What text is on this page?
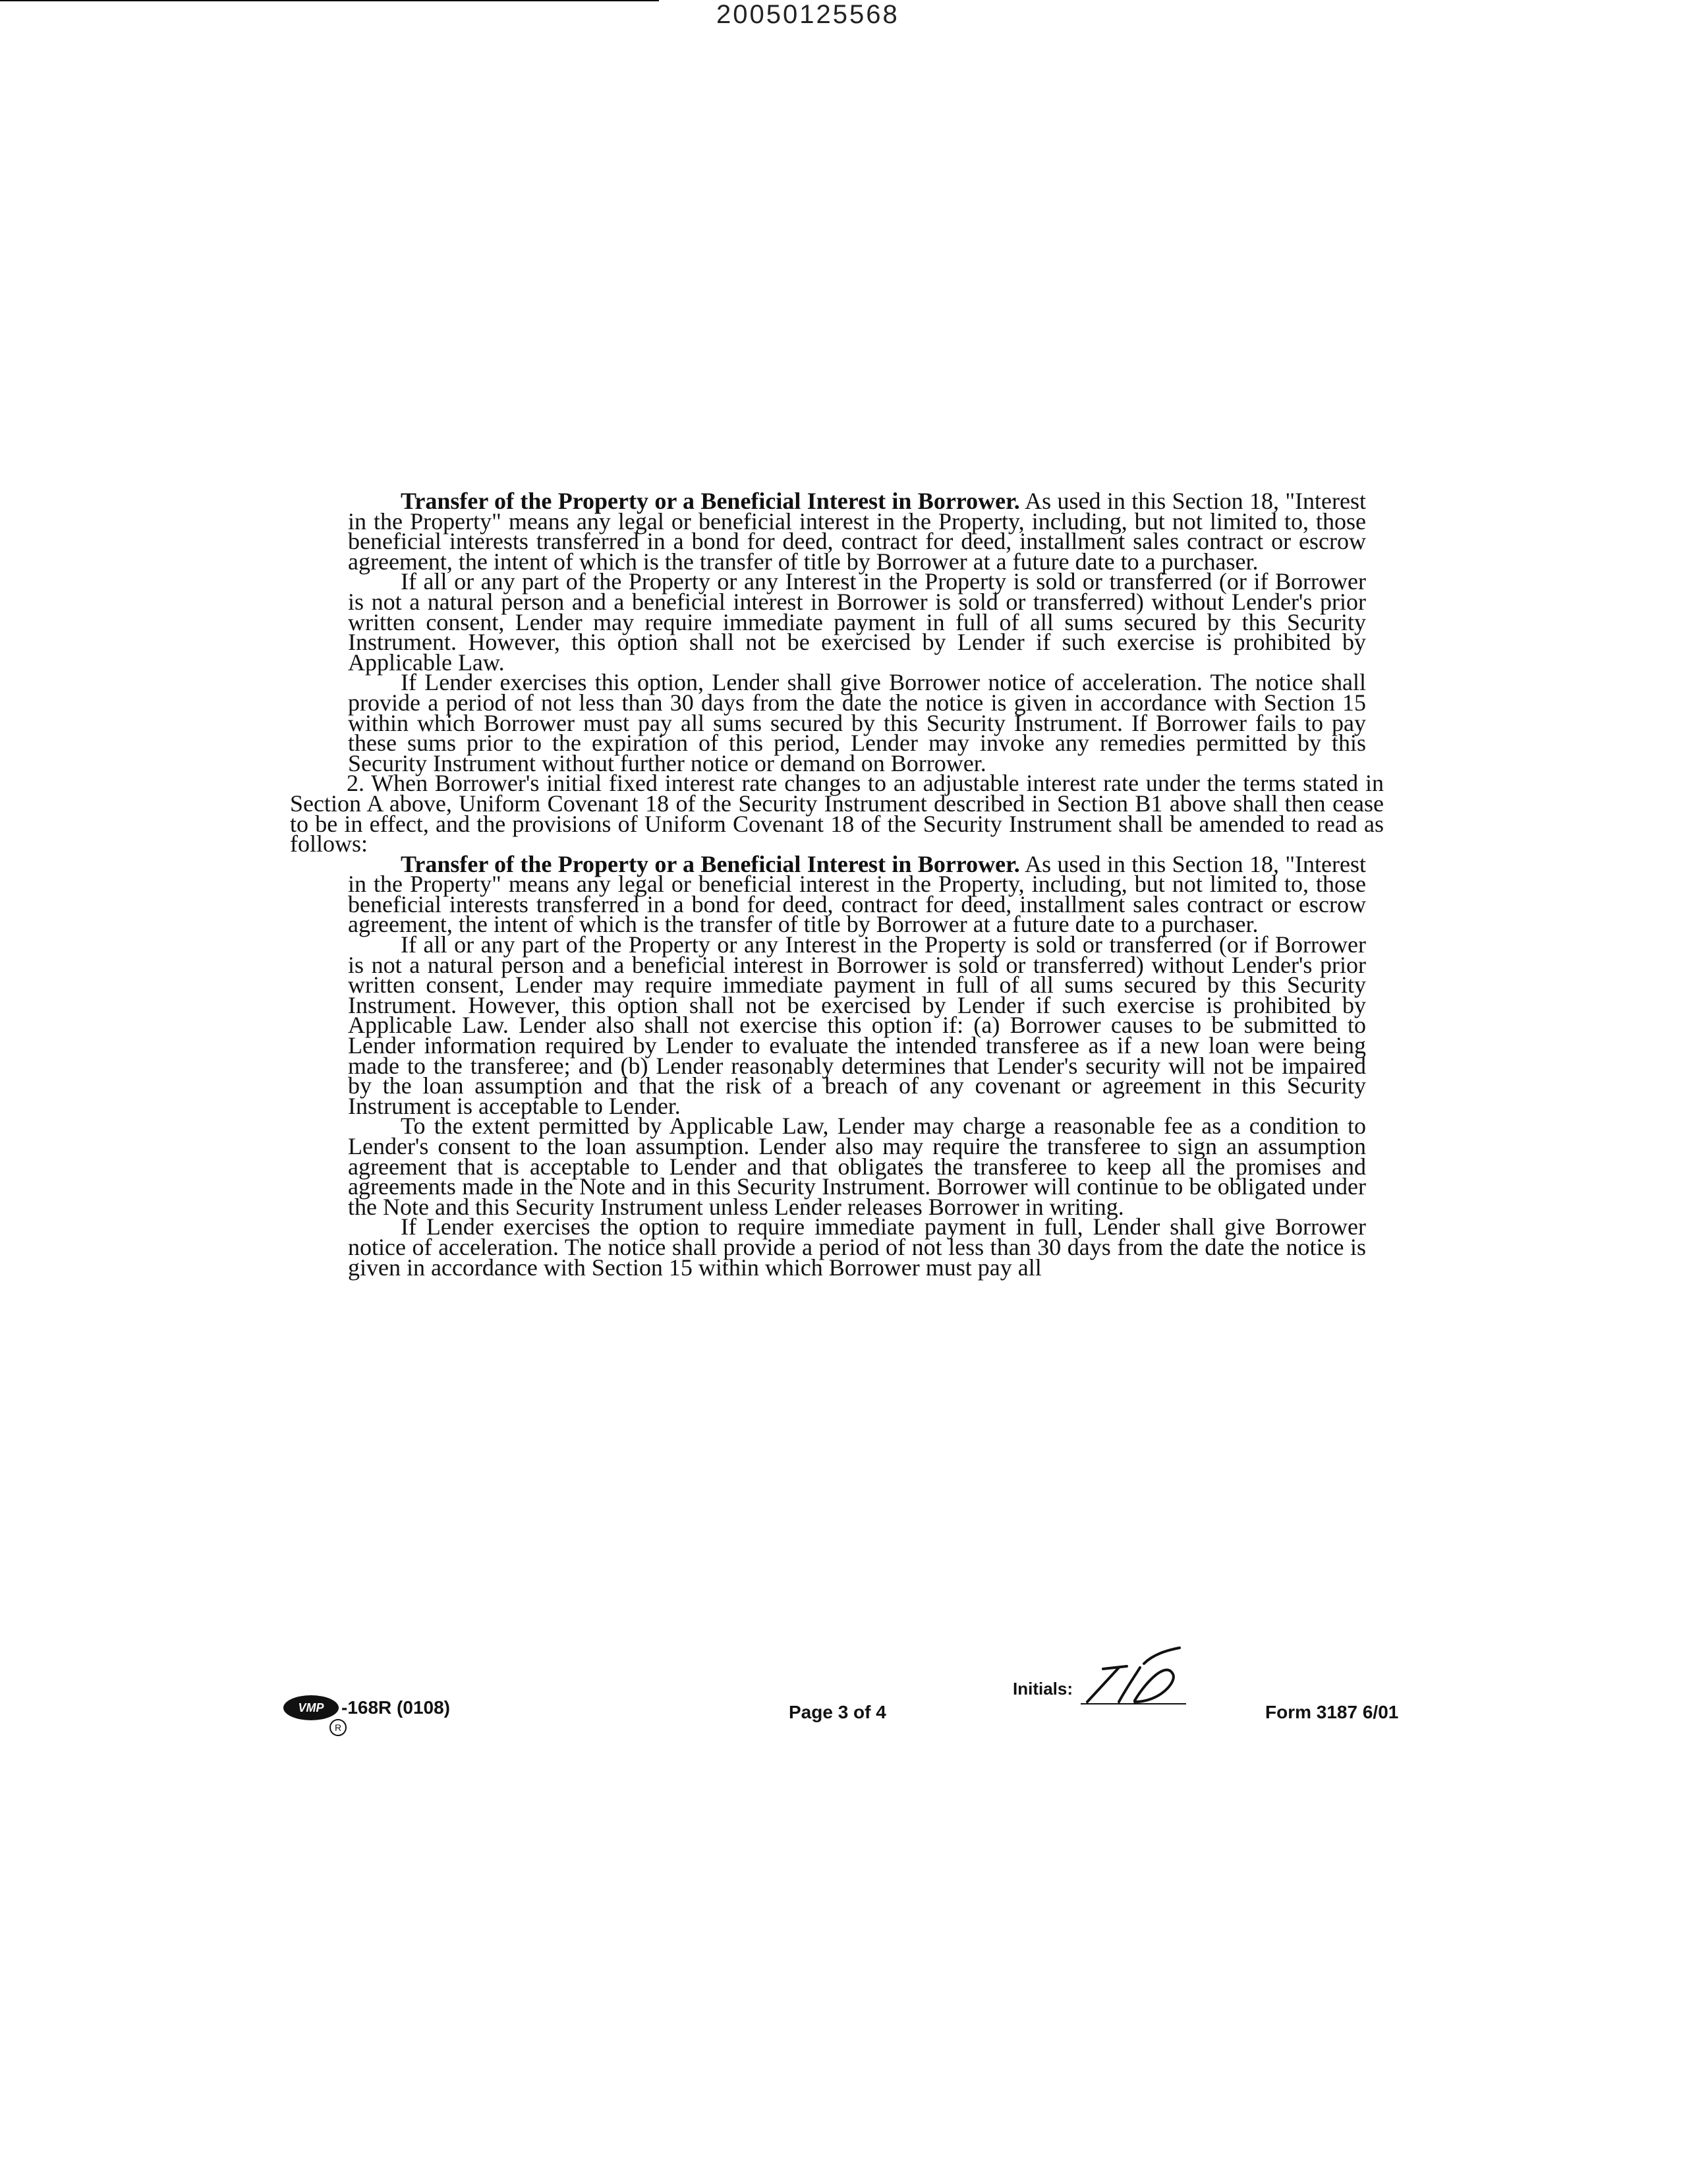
20050125568

Transfer of the Property or a Beneficial Interest in Borrower. As used in this Section 18, "Interest in the Property" means any legal or beneficial interest in the Property, including, but not limited to, those beneficial interests transferred in a bond for deed, contract for deed, installment sales contract or escrow agreement, the intent of which is the transfer of title by Borrower at a future date to a purchaser.

If all or any part of the Property or any Interest in the Property is sold or transferred (or if Borrower is not a natural person and a beneficial interest in Borrower is sold or transferred) without Lender's prior written consent, Lender may require immediate payment in full of all sums secured by this Security Instrument. However, this option shall not be exercised by Lender if such exercise is prohibited by Applicable Law.

If Lender exercises this option, Lender shall give Borrower notice of acceleration. The notice shall provide a period of not less than 30 days from the date the notice is given in accordance with Section 15 within which Borrower must pay all sums secured by this Security Instrument. If Borrower fails to pay these sums prior to the expiration of this period, Lender may invoke any remedies permitted by this Security Instrument without further notice or demand on Borrower.

2. When Borrower's initial fixed interest rate changes to an adjustable interest rate under the terms stated in Section A above, Uniform Covenant 18 of the Security Instrument described in Section B1 above shall then cease to be in effect, and the provisions of Uniform Covenant 18 of the Security Instrument shall be amended to read as follows:

Transfer of the Property or a Beneficial Interest in Borrower. As used in this Section 18, "Interest in the Property" means any legal or beneficial interest in the Property, including, but not limited to, those beneficial interests transferred in a bond for deed, contract for deed, installment sales contract or escrow agreement, the intent of which is the transfer of title by Borrower at a future date to a purchaser.

If all or any part of the Property or any Interest in the Property is sold or transferred (or if Borrower is not a natural person and a beneficial interest in Borrower is sold or transferred) without Lender's prior written consent, Lender may require immediate payment in full of all sums secured by this Security Instrument. However, this option shall not be exercised by Lender if such exercise is prohibited by Applicable Law. Lender also shall not exercise this option if: (a) Borrower causes to be submitted to Lender information required by Lender to evaluate the intended transferee as if a new loan were being made to the transferee; and (b) Lender reasonably determines that Lender's security will not be impaired by the loan assumption and that the risk of a breach of any covenant or agreement in this Security Instrument is acceptable to Lender.

To the extent permitted by Applicable Law, Lender may charge a reasonable fee as a condition to Lender's consent to the loan assumption. Lender also may require the transferee to sign an assumption agreement that is acceptable to Lender and that obligates the transferee to keep all the promises and agreements made in the Note and in this Security Instrument. Borrower will continue to be obligated under the Note and this Security Instrument unless Lender releases Borrower in writing.

If Lender exercises the option to require immediate payment in full, Lender shall give Borrower notice of acceleration. The notice shall provide a period of not less than 30 days from the date the notice is given in accordance with Section 15 within which Borrower must pay all

VMP
R
-168R (0108)	Page 3 of 4
Initials:
Form 3187 6/01
